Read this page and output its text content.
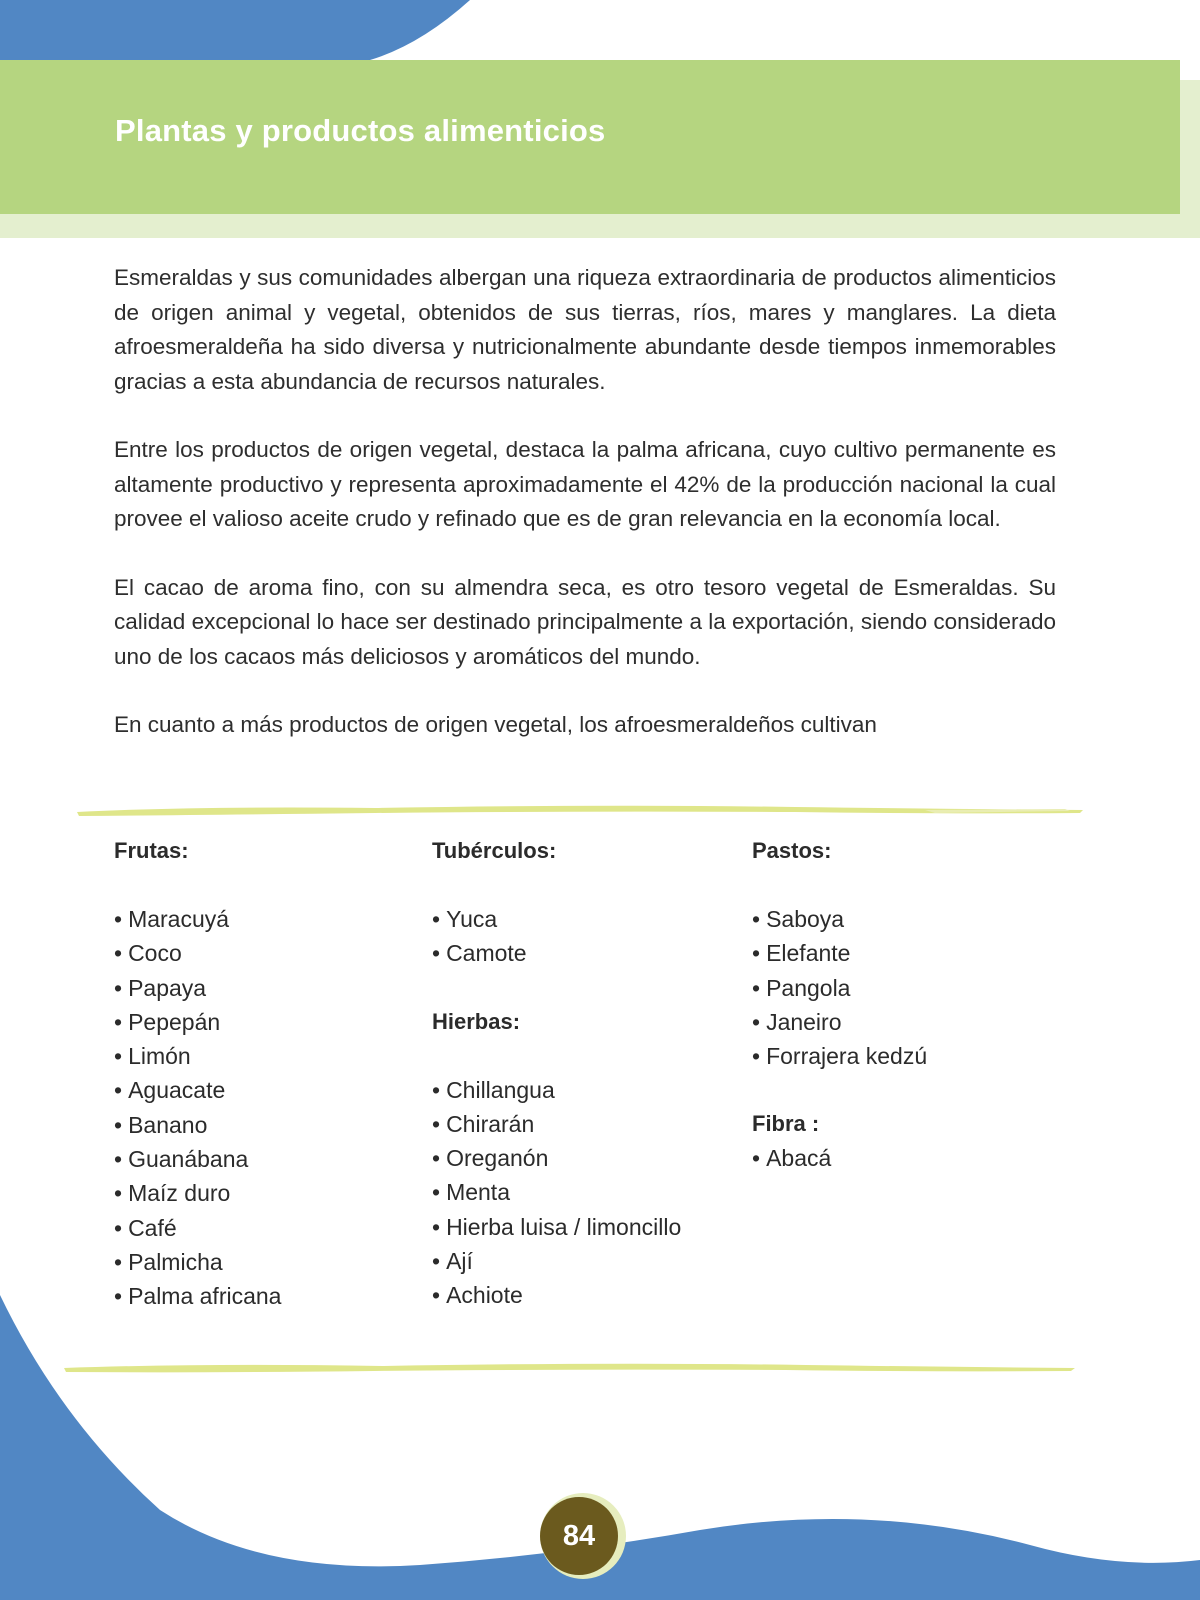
Plantas y productos alimenticios

Esmeraldas y sus comunidades albergan una riqueza extraordinaria de productos alimenticios de origen animal y vegetal, obtenidos de sus tierras, ríos, mares y manglares. La dieta afroesmeraldeña ha sido diversa y nutricionalmente abundante desde tiempos inmemorables gracias a esta abundancia de recursos naturales.

Entre los productos de origen vegetal, destaca la palma africana, cuyo cultivo permanente es altamente productivo y representa aproximadamente el 42% de la producción nacional la cual provee el valioso aceite crudo y refinado que es de gran relevancia en la economía local.

El cacao de aroma fino, con su almendra seca, es otro tesoro vegetal de Esmeraldas. Su calidad excepcional lo hace ser destinado principalmente a la exportación, siendo considerado uno de los cacaos más deliciosos y aromáticos del mundo.

En cuanto a más productos de origen vegetal, los afroesmeraldeños cultivan

Frutas:
• Maracuyá
• Coco
• Papaya
• Pepepán
• Limón
• Aguacate
• Banano
• Guanábana
• Maíz duro
• Café
• Palmicha
• Palma africana
Tubérculos:
• Yuca
• Camote
Hierbas:
• Chillangua
• Chirarán
• Oreganón
• Menta
• Hierba luisa / limoncillo
• Ají
• Achiote
Pastos:
• Saboya
• Elefante
• Pangola
• Janeiro
• Forrajera kedzú
Fibra :
• Abacá
84
